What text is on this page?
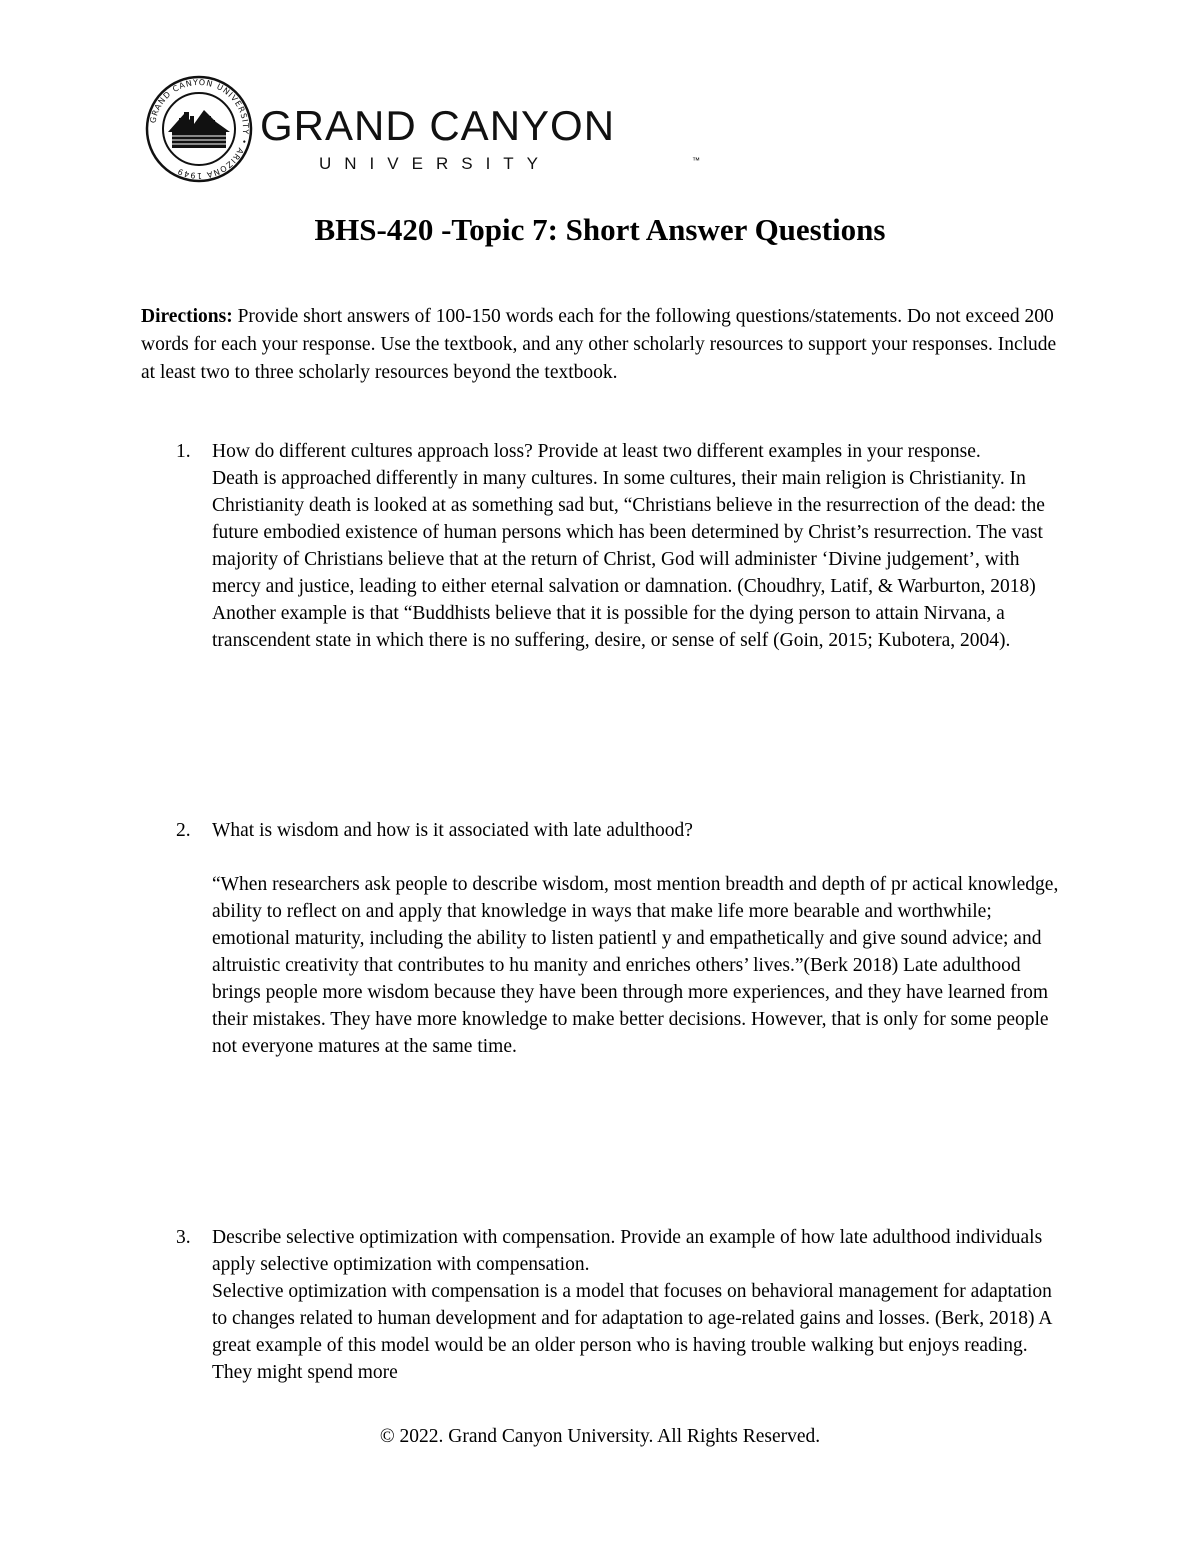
GRAND CANYON UNIVERSITY • ARIZONA 1949
GRAND CANYON
UNIVERSITY	™
BHS-420 -Topic 7: Short Answer Questions

Directions: Provide short answers of 100-150 words each for the following questions/statements. Do not exceed 200 words for each your response. Use the textbook, and any other scholarly resources to support your responses. Include at least two to three scholarly resources beyond the textbook.

1. How do different cultures approach loss? Provide at least two different examples in your response.

Death is approached differently in many cultures. In some cultures, their main religion is Christianity. In Christianity death is looked at as something sad but, “Christians believe in the resurrection of the dead: the future embodied existence of human persons which has been determined by Christ’s resurrection. The vast majority of Christians believe that at the return of Christ, God will administer ‘Divine judgement’, with mercy and justice, leading to either eternal salvation or damnation. (Choudhry, Latif, & Warburton, 2018) Another example is that “Buddhists believe that it is possible for the dying person to attain Nirvana, a transcendent state in which there is no suffering, desire, or sense of self (Goin, 2015; Kubotera, 2004).

2. What is wisdom and how is it associated with late adulthood?

“When researchers ask people to describe wisdom, most mention breadth and depth of pr actical knowledge, ability to reflect on and apply that knowledge in ways that make life more bearable and worthwhile; emotional maturity, including the ability to listen patientl y and empathetically and give sound advice; and altruistic creativity that contributes to hu manity and enriches others’ lives.”(Berk 2018) Late adulthood brings people more wisdom because they have been through more experiences, and they have learned from their mistakes. They have more knowledge to make better decisions. However, that is only for some people not everyone matures at the same time.

3. Describe selective optimization with compensation. Provide an example of how late adulthood individuals apply selective optimization with compensation.

Selective optimization with compensation is a model that focuses on behavioral management for adaptation to changes related to human development and for adaptation to age-related gains and losses. (Berk, 2018) A great example of this model would be an older person who is having trouble walking but enjoys reading. They might spend more

© 2022. Grand Canyon University. All Rights Reserved.
